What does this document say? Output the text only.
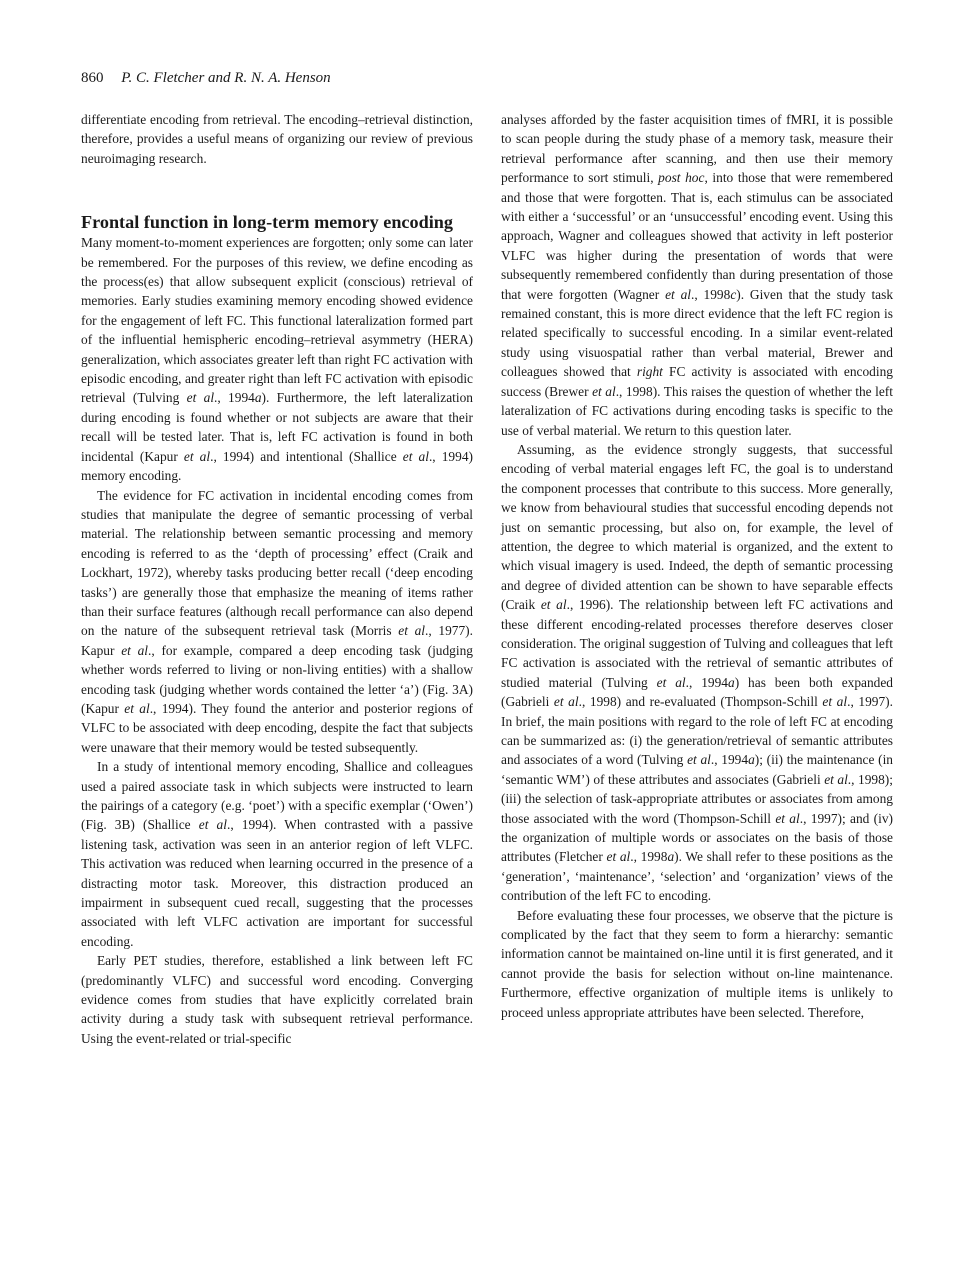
860 P. C. Fletcher and R. N. A. Henson

differentiate encoding from retrieval. The encoding–retrieval distinction, therefore, provides a useful means of organizing our review of previous neuroimaging research.

Frontal function in long-term memory encoding

Many moment-to-moment experiences are forgotten; only some can later be remembered. For the purposes of this review, we define encoding as the process(es) that allow subsequent explicit (conscious) retrieval of memories. Early studies examining memory encoding showed evidence for the engagement of left FC. This functional lateralization formed part of the influential hemispheric encoding–retrieval asymmetry (HERA) generalization, which associates greater left than right FC activation with episodic encoding, and greater right than left FC activation with episodic retrieval (Tulving et al., 1994a). Furthermore, the left lateralization during encoding is found whether or not subjects are aware that their recall will be tested later. That is, left FC activation is found in both incidental (Kapur et al., 1994) and intentional (Shallice et al., 1994) memory encoding.

The evidence for FC activation in incidental encoding comes from studies that manipulate the degree of semantic processing of verbal material. The relationship between semantic processing and memory encoding is referred to as the ‘depth of processing’ effect (Craik and Lockhart, 1972), whereby tasks producing better recall (‘deep encoding tasks’) are generally those that emphasize the meaning of items rather than their surface features (although recall performance can also depend on the nature of the subsequent retrieval task (Morris et al., 1977). Kapur et al., for example, compared a deep encoding task (judging whether words referred to living or non-living entities) with a shallow encoding task (judging whether words contained the letter ‘a’) (Fig. 3A) (Kapur et al., 1994). They found the anterior and posterior regions of VLFC to be associated with deep encoding, despite the fact that subjects were unaware that their memory would be tested subsequently.

In a study of intentional memory encoding, Shallice and colleagues used a paired associate task in which subjects were instructed to learn the pairings of a category (e.g. ‘poet’) with a specific exemplar (‘Owen’) (Fig. 3B) (Shallice et al., 1994). When contrasted with a passive listening task, activation was seen in an anterior region of left VLFC. This activation was reduced when learning occurred in the presence of a distracting motor task. Moreover, this distraction produced an impairment in subsequent cued recall, suggesting that the processes associated with left VLFC activation are important for successful encoding.

Early PET studies, therefore, established a link between left FC (predominantly VLFC) and successful word encoding. Converging evidence comes from studies that have explicitly correlated brain activity during a study task with subsequent retrieval performance. Using the event-related or trial-specific

analyses afforded by the faster acquisition times of fMRI, it is possible to scan people during the study phase of a memory task, measure their retrieval performance after scanning, and then use their memory performance to sort stimuli, post hoc, into those that were remembered and those that were forgotten. That is, each stimulus can be associated with either a ‘successful’ or an ‘unsuccessful’ encoding event. Using this approach, Wagner and colleagues showed that activity in left posterior VLFC was higher during the presentation of words that were subsequently remembered confidently than during presentation of those that were forgotten (Wagner et al., 1998c). Given that the study task remained constant, this is more direct evidence that the left FC region is related specifically to successful encoding. In a similar event-related study using visuospatial rather than verbal material, Brewer and colleagues showed that right FC activity is associated with encoding success (Brewer et al., 1998). This raises the question of whether the left lateralization of FC activations during encoding tasks is specific to the use of verbal material. We return to this question later.

Assuming, as the evidence strongly suggests, that successful encoding of verbal material engages left FC, the goal is to understand the component processes that contribute to this success. More generally, we know from behavioural studies that successful encoding depends not just on semantic processing, but also on, for example, the level of attention, the degree to which material is organized, and the extent to which visual imagery is used. Indeed, the depth of semantic processing and degree of divided attention can be shown to have separable effects (Craik et al., 1996). The relationship between left FC activations and these different encoding-related processes therefore deserves closer consideration. The original suggestion of Tulving and colleagues that left FC activation is associated with the retrieval of semantic attributes of studied material (Tulving et al., 1994a) has been both expanded (Gabrieli et al., 1998) and re-evaluated (Thompson-Schill et al., 1997). In brief, the main positions with regard to the role of left FC at encoding can be summarized as: (i) the generation/retrieval of semantic attributes and associates of a word (Tulving et al., 1994a); (ii) the maintenance (in ‘semantic WM’) of these attributes and associates (Gabrieli et al., 1998); (iii) the selection of task-appropriate attributes or associates from among those associated with the word (Thompson-Schill et al., 1997); and (iv) the organization of multiple words or associates on the basis of those attributes (Fletcher et al., 1998a). We shall refer to these positions as the ‘generation’, ‘maintenance’, ‘selection’ and ‘organization’ views of the contribution of the left FC to encoding.

Before evaluating these four processes, we observe that the picture is complicated by the fact that they seem to form a hierarchy: semantic information cannot be maintained on-line until it is first generated, and it cannot provide the basis for selection without on-line maintenance. Furthermore, effective organization of multiple items is unlikely to proceed unless appropriate attributes have been selected. Therefore,
